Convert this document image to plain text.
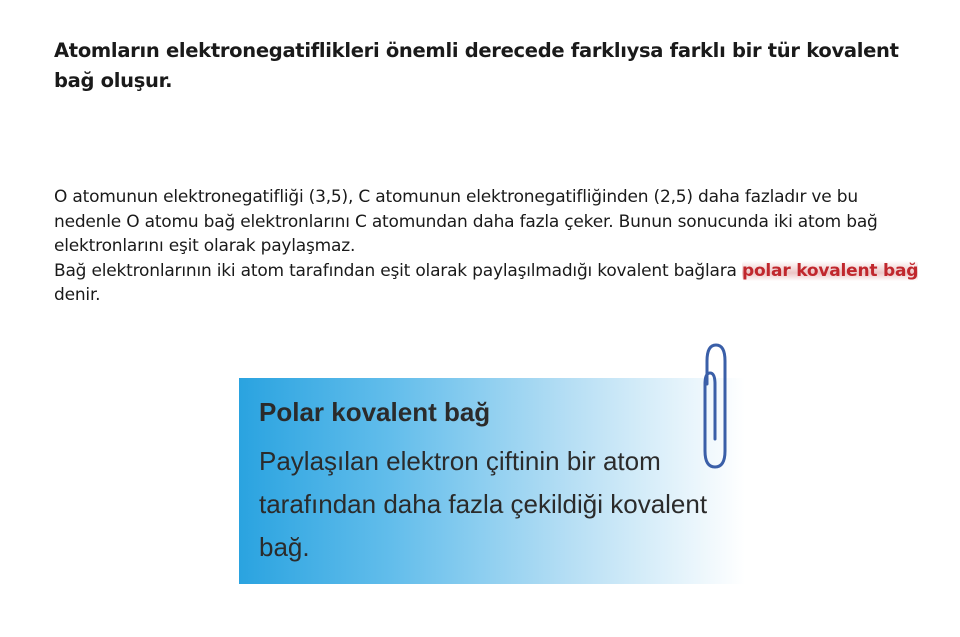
Atomların elektronegatiflikleri önemli derecede farklıysa farklı bir tür kovalent bağ oluşur.

O atomunun elektronegatifliği (3,5), C atomunun elektronegatifliğinden (2,5) daha fazladır ve bu nedenle O atomu bağ elektronlarını C atomundan daha fazla çeker. Bunun sonucunda iki atom bağ elektronlarını eşit olarak paylaşmaz.

Bağ elektronlarının iki atom tarafından eşit olarak paylaşılmadığı kovalent bağlara polar kovalent bağ denir.

Polar kovalent bağ

Paylaşılan elektron çiftinin bir atom tarafından daha fazla çekildiği kovalent bağ.
